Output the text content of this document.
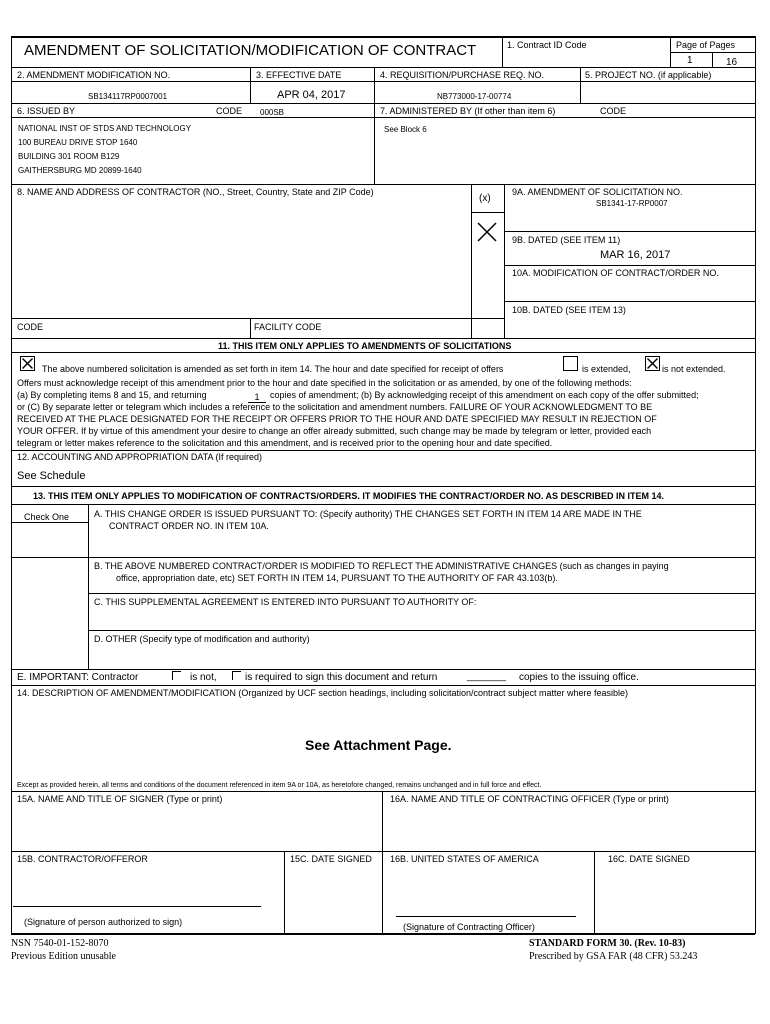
AMENDMENT OF SOLICITATION/MODIFICATION OF CONTRACT	1. Contract ID Code	Page of Pages
1	16
2. AMENDMENT MODIFICATION NO.
SB134117RP0007001
3. EFFECTIVE DATE
APR 04, 2017
4. REQUISITION/PURCHASE REQ. NO.
NB773000-17-00774
5. PROJECT NO. (if applicable)
6. ISSUED BY	CODE 000SB
NATIONAL INST OF STDS AND TECHNOLOGY
100 BUREAU DRIVE STOP 1640
BUILDING 301 ROOM B129
GAITHERSBURG MD 20899-1640
7. ADMINISTERED BY (If other than item 6)	CODE
See Block 6
8. NAME AND ADDRESS OF CONTRACTOR (NO., Street, Country, State and ZIP Code)
(x)
9A. AMENDMENT OF SOLICITATION NO.
SB1341-17-RP0007
9B. DATED (SEE ITEM 11)
MAR 16, 2017
10A. MODIFICATION OF CONTRACT/ORDER NO.
10B. DATED (SEE ITEM 13)
CODE	FACILITY CODE
11. THIS ITEM ONLY APPLIES TO AMENDMENTS OF SOLICITATIONS
The above numbered solicitation is amended as set forth in item 14. The hour and date specified for receipt of offers	is extended,	is not extended.
Offers must acknowledge receipt of this amendment prior to the hour and date specified in the solicitation or as amended, by one of the following methods:
(a) By completing items 8 and 15, and returning	1	copies of amendment; (b) By acknowledging receipt of this amendment on each copy of the offer submitted;
or (C) By separate letter or telegram which includes a reference to the solicitation and amendment numbers. FAILURE OF YOUR ACKNOWLEDGMENT TO BE
RECEIVED AT THE PLACE DESIGNATED FOR THE RECEIPT OR OFFERS PRIOR TO THE HOUR AND DATE SPECIFIED MAY RESULT IN REJECTION OF
YOUR OFFER. If by virtue of this amendment your desire to change an offer already submitted, such change may be made by telegram or letter, provided each
telegram or letter makes reference to the solicitation and this amendment, and is received prior to the opening hour and date specified.
12. ACCOUNTING AND APPROPRIATION DATA (If required)
See Schedule
13. THIS ITEM ONLY APPLIES TO MODIFICATION OF CONTRACTS/ORDERS. IT MODIFIES THE CONTRACT/ORDER NO. AS DESCRIBED IN ITEM 14.
Check One	A. THIS CHANGE ORDER IS ISSUED PURSUANT TO: (Specify authority) THE CHANGES SET FORTH IN ITEM 14 ARE MADE IN THE
CONTRACT ORDER NO. IN ITEM 10A.
B. THE ABOVE NUMBERED CONTRACT/ORDER IS MODIFIED TO REFLECT THE ADMINISTRATIVE CHANGES (such as changes in paying
office, appropriation date, etc) SET FORTH IN ITEM 14, PURSUANT TO THE AUTHORITY OF FAR 43.103(b).
C. THIS SUPPLEMENTAL AGREEMENT IS ENTERED INTO PURSUANT TO AUTHORITY OF:
D. OTHER (Specify type of modification and authority)
E. IMPORTANT: Contractor	is not,	is required to sign this document and return	_______ copies to the issuing office.
14. DESCRIPTION OF AMENDMENT/MODIFICATION (Organized by UCF section headings, including solicitation/contract subject matter where feasible)
See Attachment Page.
Except as provided herein, all terms and conditions of the document referenced in item 9A or 10A, as heretofore changed, remains unchanged and in full force and effect.
15A. NAME AND TITLE OF SIGNER (Type or print)	16A. NAME AND TITLE OF CONTRACTING OFFICER (Type or print)
15B. CONTRACTOR/OFFEROR	15C. DATE SIGNED 16B. UNITED STATES OF AMERICA	16C. DATE SIGNED
(Signature of person authorized to sign)	(Signature of Contracting Officer)
NSN 7540-01-152-8070
Previous Edition unusable
STANDARD FORM 30. (Rev. 10-83)
Prescribed by GSA FAR (48 CFR) 53.243
